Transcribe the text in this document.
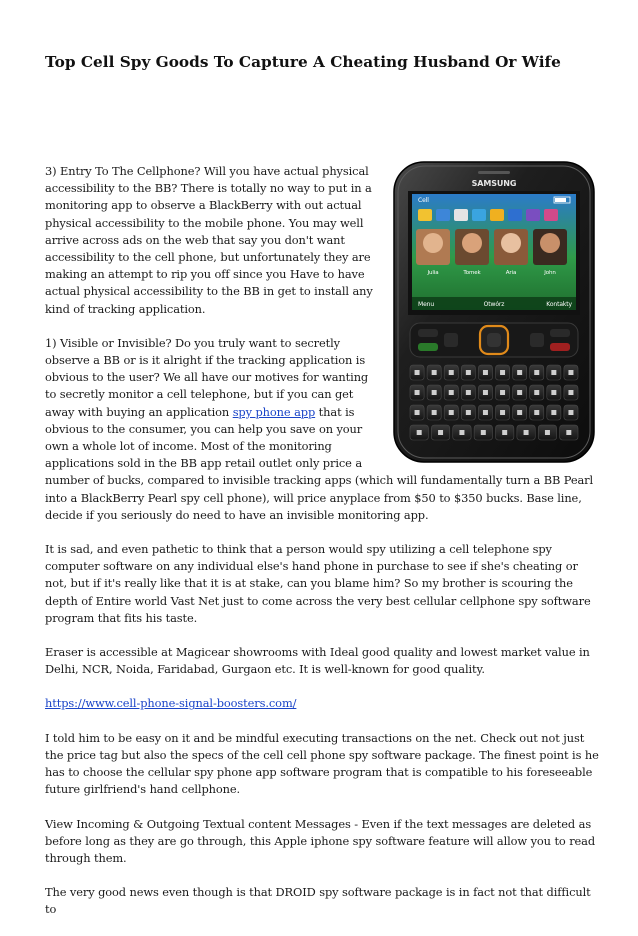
Top Cell Spy Goods To Capture A Cheating Husband Or Wife
SAMSUNG
Cell
Julia	Tomek	Aria	John
Menu	Otwórz	Kontakty

3) Entry To The Cellphone? Will you have actual physical accessibility to the BB? There is totally no way to put in a monitoring app to observe a BlackBerry with out actual physical accessibility to the mobile phone. You may well arrive across ads on the web that say you don't want accessibility to the cell phone, but unfortunately they are making an attempt to rip you off since you Have to have actual physical accessibility to the BB in get to install any kind of tracking application.

1) Visible or Invisible? Do you truly want to secretly observe a BB or is it alright if the tracking application is obvious to the user? We all have our motives for wanting to secretly monitor a cell telephone, but if you can get away with buying an application spy phone app that is obvious to the consumer, you can help you save on your own a whole lot of income. Most of the monitoring applications sold in the BB app retail outlet only price a number of bucks, compared to invisible tracking apps (which will fundamentally turn a BB Pearl into a BlackBerry Pearl spy cell phone), will price anyplace from $50 to $350 bucks. Base line, decide if you seriously do need to have an invisible monitoring app.

It is sad, and even pathetic to think that a person would spy utilizing a cell telephone spy computer software on any individual else's hand phone in purchase to see if she's cheating or not, but if it's really like that it is at stake, can you blame him? So my brother is scouring the depth of Entire world Vast Net just to come across the very best cellular cellphone spy software program that fits his taste.

Eraser is accessible at Magicear showrooms with Ideal good quality and lowest market value in Delhi, NCR, Noida, Faridabad, Gurgaon etc. It is well-known for good quality.

https://www.cell-phone-signal-boosters.com/

I told him to be easy on it and be mindful executing transactions on the net. Check out not just the price tag but also the specs of the cell cell phone spy software package. The finest point is he has to choose the cellular spy phone app software program that is compatible to his foreseeable future girlfriend's hand cellphone.

View Incoming & Outgoing Textual content Messages - Even if the text messages are deleted as before long as they are go through, this Apple iphone spy software feature will allow you to read through them.

The very good news even though is that DROID spy software package is in fact not that difficult to
